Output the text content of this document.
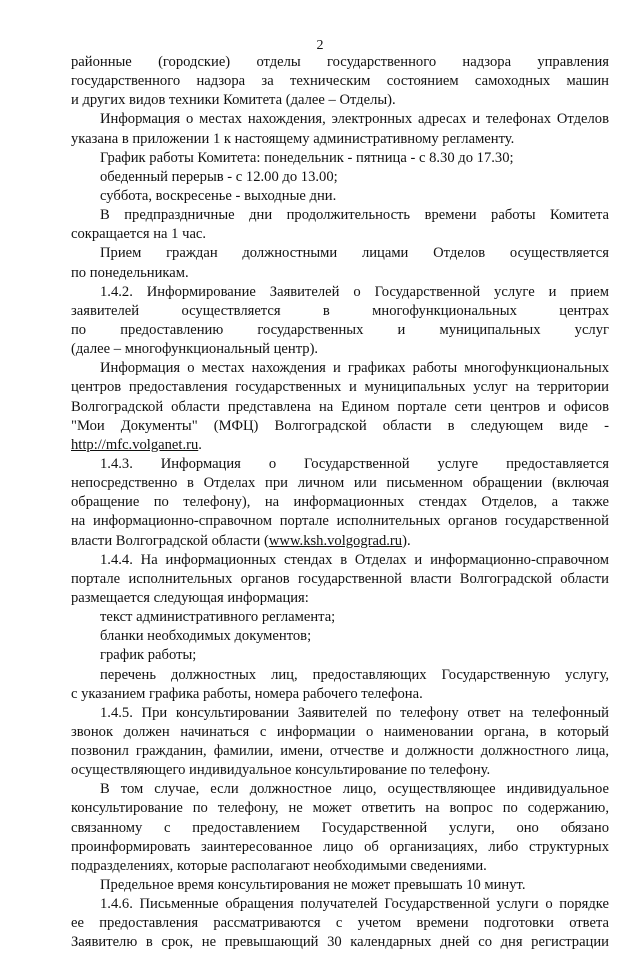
2
районные (городские) отделы государственного надзора управления
государственного надзора за техническим состоянием самоходных машин
и других видов техники Комитета (далее – Отделы).
Информация о местах нахождения, электронных адресах и телефонах Отделов
указана в приложении 1 к настоящему административному регламенту.
График работы Комитета: понедельник - пятница - с 8.30 до 17.30;
обеденный перерыв - с 12.00 до 13.00;
суббота, воскресенье - выходные дни.
В предпраздничные дни продолжительность времени работы Комитета
сокращается на 1 час.
Прием граждан должностными лицами Отделов осуществляется
по понедельникам.
1.4.2. Информирование Заявителей о Государственной услуге и прием
заявителей осуществляется в многофункциональных центрах
по предоставлению государственных и муниципальных услуг
(далее – многофункциональный центр).
Информация о местах нахождения и графиках работы многофункциональных
центров предоставления государственных и муниципальных услуг на территории
Волгоградской области представлена на Едином портале сети центров и офисов
"Мои Документы" (МФЦ) Волгоградской области в следующем виде -
http://mfc.volganet.ru.
1.4.3. Информация о Государственной услуге предоставляется
непосредственно в Отделах при личном или письменном обращении (включая
обращение по телефону), на информационных стендах Отделов, а также
на информационно-справочном портале исполнительных органов государственной
власти Волгоградской области (www.ksh.volgograd.ru).
1.4.4. На информационных стендах в Отделах и информационно-справочном
портале исполнительных органов государственной власти Волгоградской области
размещается следующая информация:
текст административного регламента;
бланки необходимых документов;
график работы;
перечень должностных лиц, предоставляющих Государственную услугу,
с указанием графика работы, номера рабочего телефона.
1.4.5. При консультировании Заявителей по телефону ответ на телефонный
звонок должен начинаться с информации о наименовании органа, в который
позвонил гражданин, фамилии, имени, отчестве и должности должностного лица,
осуществляющего индивидуальное консультирование по телефону.
В том случае, если должностное лицо, осуществляющее индивидуальное
консультирование по телефону, не может ответить на вопрос по содержанию,
связанному с предоставлением Государственной услуги, оно обязано
проинформировать заинтересованное лицо об организациях, либо структурных
подразделениях, которые располагают необходимыми сведениями.
Предельное время консультирования не может превышать 10 минут.
1.4.6. Письменные обращения получателей Государственной услуги о порядке
ее предоставления рассматриваются с учетом времени подготовки ответа
Заявителю в срок, не превышающий 30 календарных дней со дня регистрации
